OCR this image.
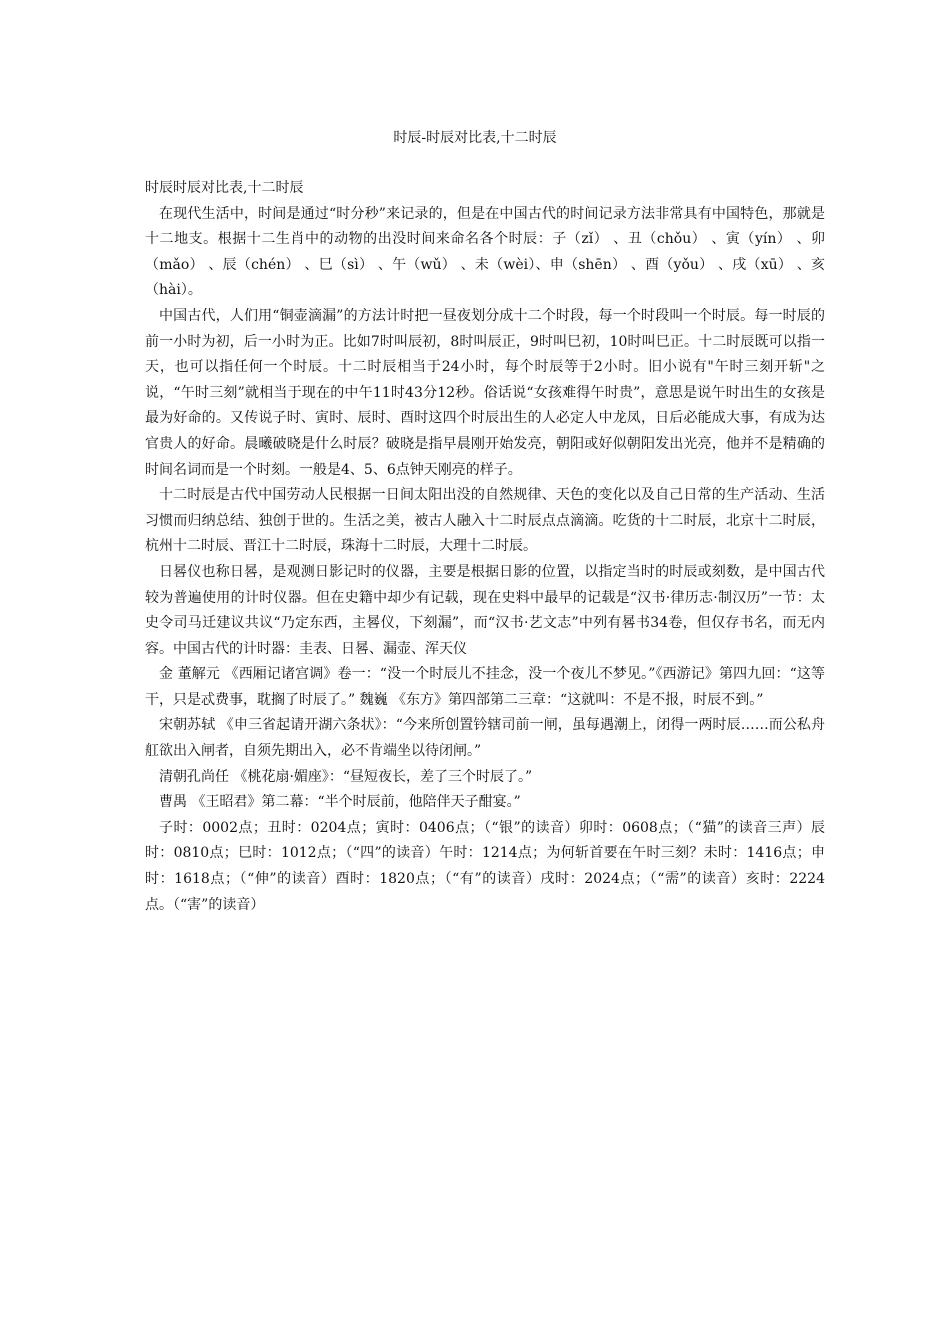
时辰-时辰对比表,十二时辰

时辰时辰对比表,十二时辰

在现代生活中，时间是通过“时分秒”来记录的，但是在中国古代的时间记录方法非常具有中国特色，那就是十二地支。根据十二生肖中的动物的出没时间来命名各个时辰：子（zǐ） 、丑（chǒu） 、寅（yín） 、卯（mǎo） 、辰（chén） 、巳（sì） 、午（wǔ） 、未（wèi）、申（shēn） 、酉（yǒu） 、戌（xū） 、亥（hài）。

中国古代，人们用“铜壶滴漏”的方法计时把一昼夜划分成十二个时段，每一个时段叫一个时辰。每一时辰的前一小时为初，后一小时为正。比如7时叫辰初，8时叫辰正，9时叫巳初，10时叫巳正。十二时辰既可以指一天，也可以指任何一个时辰。十二时辰相当于24小时，每个时辰等于2小时。旧小说有"午时三刻开斩"之说，“午时三刻”就相当于现在的中午11时43分12秒。俗话说“女孩难得午时贵”，意思是说午时出生的女孩是最为好命的。又传说子时、寅时、辰时、酉时这四个时辰出生的人必定人中龙凤，日后必能成大事，有成为达官贵人的好命。晨曦破晓是什么时辰？破晓是指早晨刚开始发亮，朝阳或好似朝阳发出光亮，他并不是精确的时间名词而是一个时刻。一般是4、5、6点钟天刚亮的样子。

十二时辰是古代中国劳动人民根据一日间太阳出没的自然规律、天色的变化以及自己日常的生产活动、生活习惯而归纳总结、独创于世的。生活之美，被古人融入十二时辰点点滴滴。吃货的十二时辰，北京十二时辰，杭州十二时辰、晋江十二时辰，珠海十二时辰，大理十二时辰。

日晷仪也称日晷，是观测日影记时的仪器，主要是根据日影的位置，以指定当时的时辰或刻数，是中国古代较为普遍使用的计时仪器。但在史籍中却少有记载，现在史料中最早的记载是“汉书·律历志·制汉历”一节：太史令司马迁建议共议“乃定东西，主晷仪，下刻漏”，而“汉书·艺文志”中列有晷书34卷，但仅存书名，而无内容。中国古代的计时器：圭表、日晷、漏壶、浑天仪

金 董解元 《西厢记诸宫调》卷一：“没一个时辰儿不挂念，没一个夜儿不梦见。”《西游记》第四九回：“这等干，只是忒费事，耽搁了时辰了。” 魏巍 《东方》第四部第二三章：“这就叫：不是不报，时辰不到。”

宋朝苏轼 《申三省起请开湖六条状》：“今来所创置钤辖司前一闸，虽每遇潮上，闭得一两时辰……而公私舟舡欲出入闸者，自须先期出入，必不肯端坐以待闭闸。”

清朝孔尚任 《桃花扇·媚座》：“昼短夜长，差了三个时辰了。”

曹禺 《王昭君》第二幕：“半个时辰前，他陪伴天子酣宴。”

子时：0002点；丑时：0204点；寅时：0406点；（“银”的读音）卯时：0608点；（“猫”的读音三声）辰时：0810点；巳时：1012点；（“四”的读音）午时：1214点；为何斩首要在午时三刻？未时：1416点；申时：1618点；（“伸”的读音）酉时：1820点；（“有”的读音）戌时：2024点；（“需”的读音）亥时：2224点。（“害”的读音）
